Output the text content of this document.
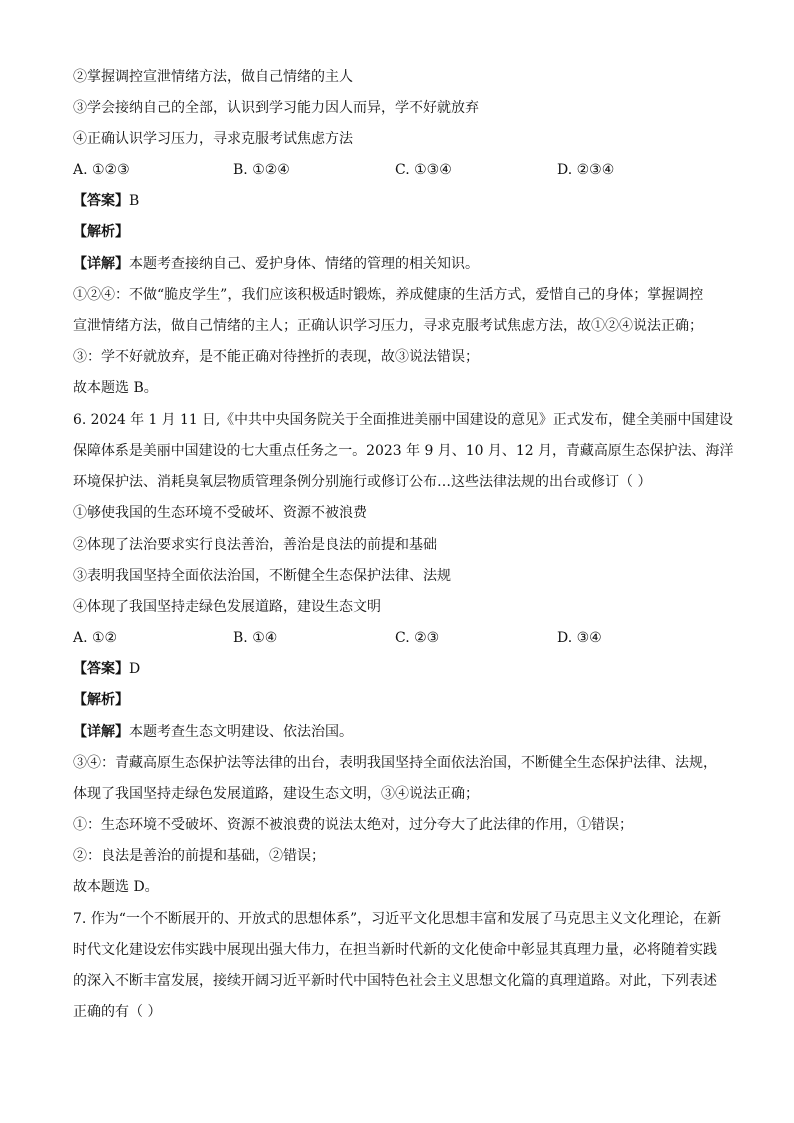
②掌握调控宣泄情绪方法，做自己情绪的主人
③学会接纳自己的全部，认识到学习能力因人而异，学不好就放弃
④正确认识学习压力，寻求克服考试焦虑方法
A. ①②③	B. ①②④	C. ①③④	D. ②③④
【答案】B
【解析】
【详解】本题考查接纳自己、爱护身体、情绪的管理的相关知识。
①②④：不做“脆皮学生”，我们应该积极适时锻炼，养成健康的生活方式，爱惜自己的身体；掌握调控
宣泄情绪方法，做自己情绪的主人；正确认识学习压力，寻求克服考试焦虑方法，故①②④说法正确；
③：学不好就放弃，是不能正确对待挫折的表现，故③说法错误；
故本题选 B。
6. 2024 年 1 月 11 日,《中共中央国务院关于全面推进美丽中国建设的意见》正式发布，健全美丽中国建设
保障体系是美丽中国建设的七大重点任务之一。2023 年 9 月、10 月、12 月，青藏高原生态保护法、海洋
环境保护法、消耗臭氧层物质管理条例分别施行或修订公布…这些法律法规的出台或修订（ ）
①够使我国的生态环境不受破坏、资源不被浪费
②体现了法治要求实行良法善治，善治是良法的前提和基础
③表明我国坚持全面依法治国，不断健全生态保护法律、法规
④体现了我国坚持走绿色发展道路，建设生态文明
A. ①②	B. ①④	C. ②③	D. ③④
【答案】D
【解析】
【详解】本题考查生态文明建设、依法治国。
③④：青藏高原生态保护法等法律的出台，表明我国坚持全面依法治国，不断健全生态保护法律、法规，
体现了我国坚持走绿色发展道路，建设生态文明，③④说法正确；
①：生态环境不受破坏、资源不被浪费的说法太绝对，过分夸大了此法律的作用，①错误；
②：良法是善治的前提和基础，②错误；
故本题选 D。
7. 作为“一个不断展开的、开放式的思想体系”，习近平文化思想丰富和发展了马克思主义文化理论，在新
时代文化建设宏伟实践中展现出强大伟力，在担当新时代新的文化使命中彰显其真理力量，必将随着实践
的深入不断丰富发展，接续开阔习近平新时代中国特色社会主义思想文化篇的真理道路。对此，下列表述
正确的有（ ）
